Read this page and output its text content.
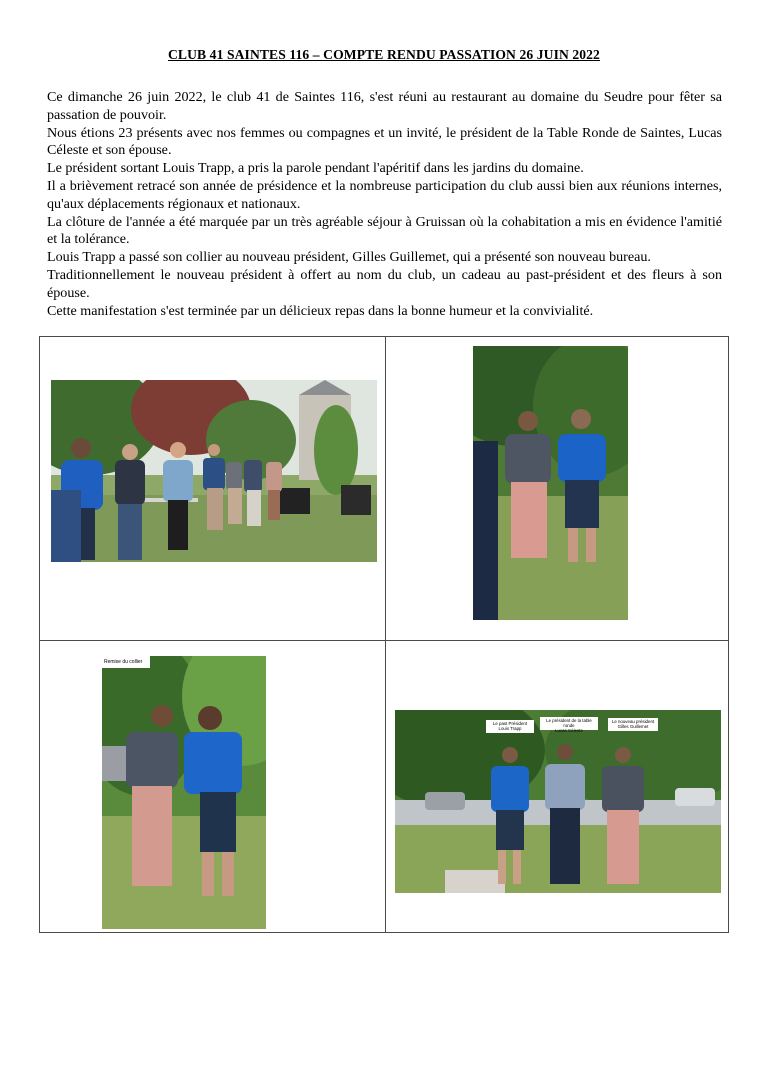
CLUB 41 SAINTES 116 – COMPTE RENDU PASSATION 26 JUIN 2022

Ce dimanche 26 juin 2022, le club 41 de Saintes 116, s'est réuni au restaurant au domaine du Seudre pour fêter sa passation de pouvoir.

Nous étions 23 présents avec nos femmes ou compagnes et un invité, le président de la Table Ronde de Saintes, Lucas Céleste et son épouse.

Le président sortant Louis Trapp, a pris la parole pendant l'apéritif dans les jardins du domaine.

Il a brièvement retracé son année de présidence et la nombreuse participation du club aussi bien aux réunions internes, qu'aux déplacements régionaux et nationaux.

La clôture de l'année a été marquée par un très agréable séjour à Gruissan où la cohabitation a mis en évidence l'amitié et la tolérance.

Louis Trapp a passé son collier au nouveau président, Gilles Guillemet, qui a présenté son nouveau bureau.

Traditionnellement le nouveau président à offert au nom du club, un cadeau au past-président et des fleurs à son épouse.

Cette manifestation s'est terminée par un délicieux repas dans la bonne humeur et la convivialité.

Remise du collier
Le past Président
Louis Trapp
Le président de la table ronde
Lucas Céleste
Le nouveau président
Gilles Guillemet
